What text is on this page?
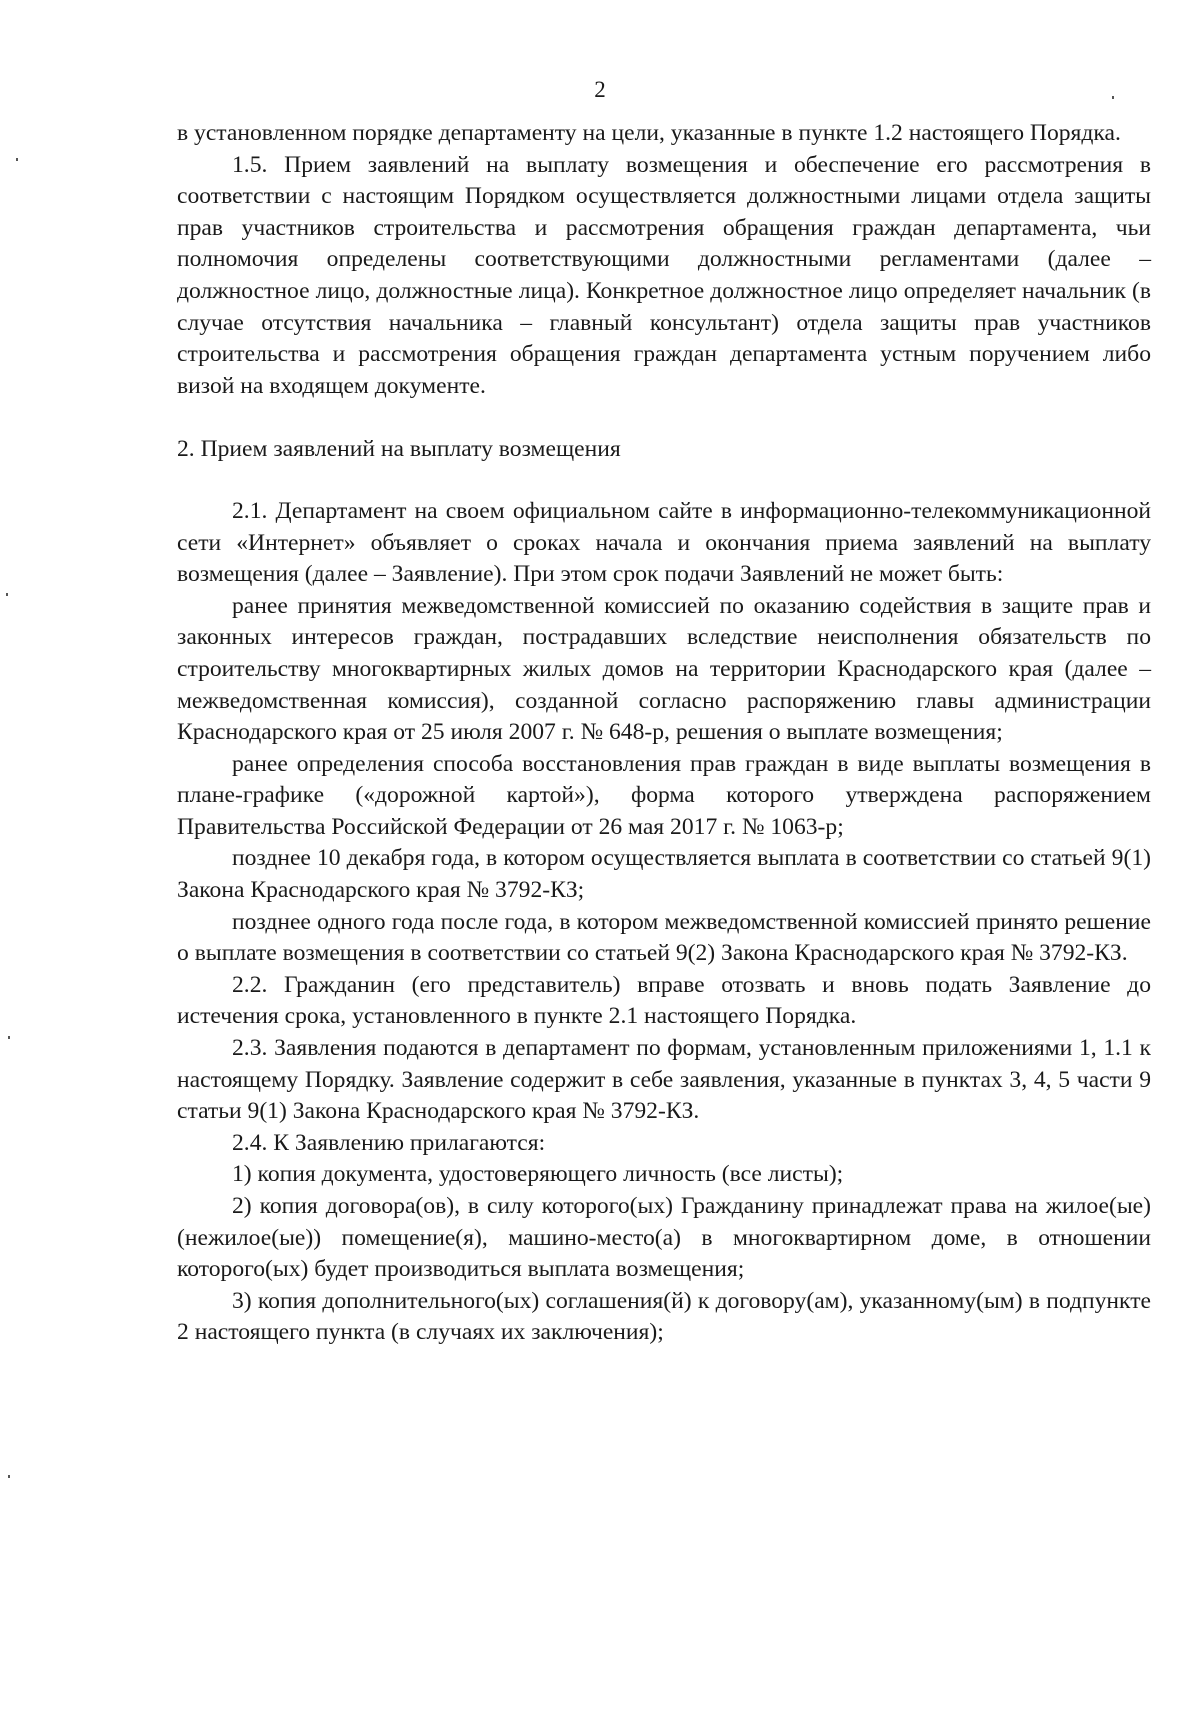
2

в установленном порядке департаменту на цели, указанные в пункте 1.2 настоящего Порядка.

1.5. Прием заявлений на выплату возмещения и обеспечение его рассмотрения в соответствии с настоящим Порядком осуществляется должностными лицами отдела защиты прав участников строительства и рассмотрения обращения граждан департамента, чьи полномочия определены соответствующими должностными регламентами (далее – должностное лицо, должностные лица). Конкретное должностное лицо определяет начальник (в случае отсутствия начальника – главный консультант) отдела защиты прав участников строительства и рассмотрения обращения граждан департамента устным поручением либо визой на входящем документе.

2. Прием заявлений на выплату возмещения

2.1. Департамент на своем официальном сайте в информационно-телекоммуникационной сети «Интернет» объявляет о сроках начала и окончания приема заявлений на выплату возмещения (далее – Заявление). При этом срок подачи Заявлений не может быть:

ранее принятия межведомственной комиссией по оказанию содействия в защите прав и законных интересов граждан, пострадавших вследствие неисполнения обязательств по строительству многоквартирных жилых домов на территории Краснодарского края (далее – межведомственная комиссия), созданной согласно распоряжению главы администрации Краснодарского края от 25 июля 2007 г. № 648-р, решения о выплате возмещения;

ранее определения способа восстановления прав граждан в виде выплаты возмещения в плане-графике («дорожной картой»), форма которого утверждена распоряжением Правительства Российской Федерации от 26 мая 2017 г. № 1063-р;

позднее 10 декабря года, в котором осуществляется выплата в соответствии со статьей 9(1) Закона Краснодарского края № 3792-КЗ;

позднее одного года после года, в котором межведомственной комиссией принято решение о выплате возмещения в соответствии со статьей 9(2) Закона Краснодарского края № 3792-КЗ.

2.2. Гражданин (его представитель) вправе отозвать и вновь подать Заявление до истечения срока, установленного в пункте 2.1 настоящего Порядка.

2.3. Заявления подаются в департамент по формам, установленным приложениями 1, 1.1 к настоящему Порядку. Заявление содержит в себе заявления, указанные в пунктах 3, 4, 5 части 9 статьи 9(1) Закона Краснодарского края № 3792-КЗ.

2.4. К Заявлению прилагаются:

1) копия документа, удостоверяющего личность (все листы);

2) копия договора(ов), в силу которого(ых) Гражданину принадлежат права на жилое(ые) (нежилое(ые)) помещение(я), машино-место(а) в многоквартирном доме, в отношении которого(ых) будет производиться выплата возмещения;

3) копия дополнительного(ых) соглашения(й) к договору(ам), указанному(ым) в подпункте 2 настоящего пункта (в случаях их заключения);
